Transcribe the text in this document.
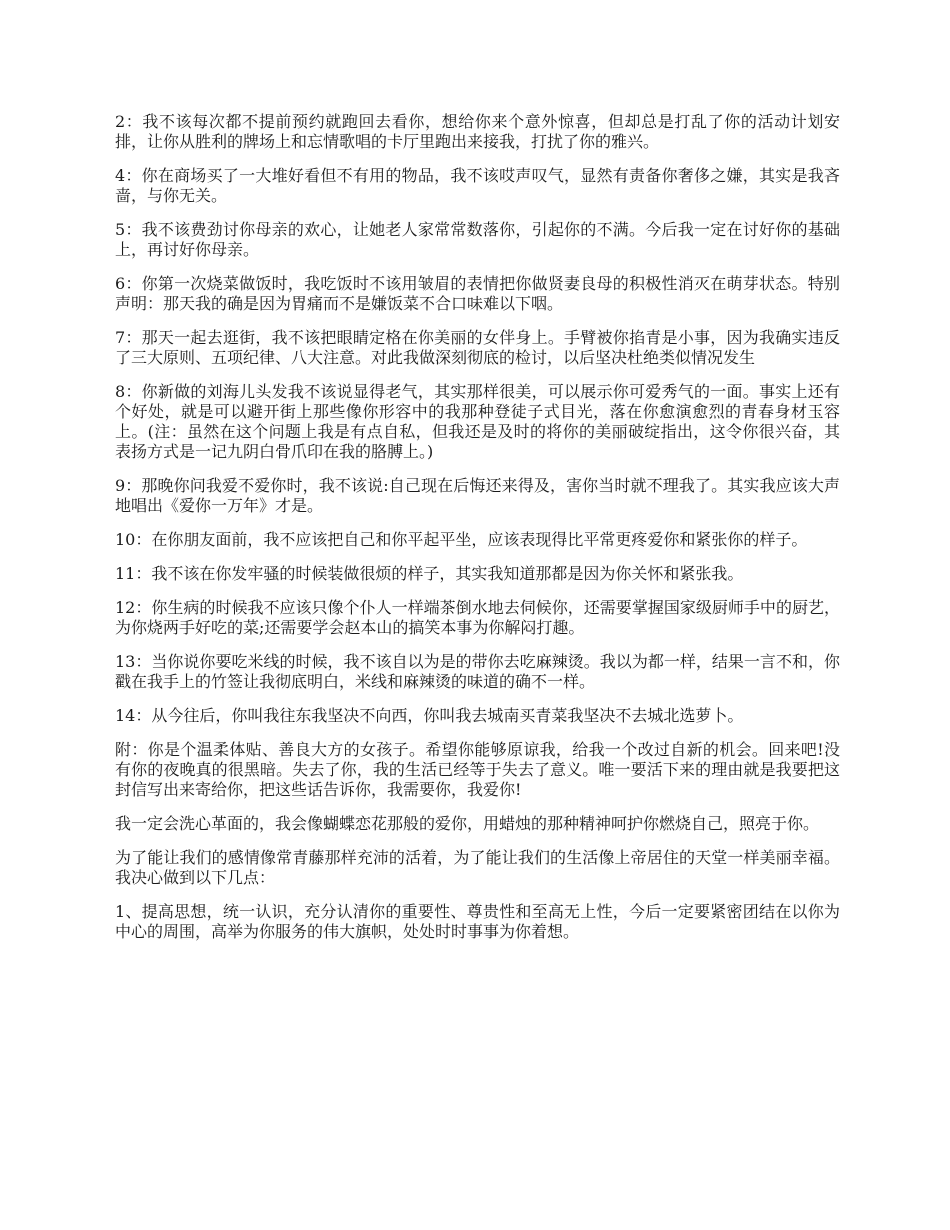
2：我不该每次都不提前预约就跑回去看你，想给你来个意外惊喜，但却总是打乱了你的活动计划安排，让你从胜利的牌场上和忘情歌唱的卡厅里跑出来接我，打扰了你的雅兴。

4：你在商场买了一大堆好看但不有用的物品，我不该哎声叹气，显然有责备你奢侈之嫌，其实是我吝啬，与你无关。

5：我不该费劲讨你母亲的欢心，让她老人家常常数落你，引起你的不满。今后我一定在讨好你的基础上，再讨好你母亲。

6：你第一次烧菜做饭时，我吃饭时不该用皱眉的表情把你做贤妻良母的积极性消灭在萌芽状态。特别声明：那天我的确是因为胃痛而不是嫌饭菜不合口味难以下咽。

7：那天一起去逛街，我不该把眼睛定格在你美丽的女伴身上。手臂被你掐青是小事，因为我确实违反了三大原则、五项纪律、八大注意。对此我做深刻彻底的检讨，以后坚决杜绝类似情况发生

8：你新做的刘海儿头发我不该说显得老气，其实那样很美，可以展示你可爱秀气的一面。事实上还有个好处，就是可以避开街上那些像你形容中的我那种登徒子式目光，落在你愈演愈烈的青春身材玉容上。(注：虽然在这个问题上我是有点自私，但我还是及时的将你的美丽破绽指出，这令你很兴奋，其表扬方式是一记九阴白骨爪印在我的胳膊上。)

9：那晚你问我爱不爱你时，我不该说:自己现在后悔还来得及，害你当时就不理我了。其实我应该大声地唱出《爱你一万年》才是。

10：在你朋友面前，我不应该把自己和你平起平坐，应该表现得比平常更疼爱你和紧张你的样子。

11：我不该在你发牢骚的时候装做很烦的样子，其实我知道那都是因为你关怀和紧张我。

12：你生病的时候我不应该只像个仆人一样端茶倒水地去伺候你，还需要掌握国家级厨师手中的厨艺，为你烧两手好吃的菜;还需要学会赵本山的搞笑本事为你解闷打趣。

13：当你说你要吃米线的时候，我不该自以为是的带你去吃麻辣烫。我以为都一样，结果一言不和，你戳在我手上的竹签让我彻底明白，米线和麻辣烫的味道的确不一样。

14：从今往后，你叫我往东我坚决不向西，你叫我去城南买青菜我坚决不去城北选萝卜。

附：你是个温柔体贴、善良大方的女孩子。希望你能够原谅我，给我一个改过自新的机会。回来吧!没有你的夜晚真的很黑暗。失去了你，我的生活已经等于失去了意义。唯一要活下来的理由就是我要把这封信写出来寄给你，把这些话告诉你，我需要你，我爱你!

我一定会洗心革面的，我会像蝴蝶恋花那般的爱你，用蜡烛的那种精神呵护你燃烧自己，照亮于你。

为了能让我们的感情像常青藤那样充沛的活着，为了能让我们的生活像上帝居住的天堂一样美丽幸福。我决心做到以下几点：

1、提高思想，统一认识，充分认清你的重要性、尊贵性和至高无上性，今后一定要紧密团结在以你为中心的周围，高举为你服务的伟大旗帜，处处时时事事为你着想。
